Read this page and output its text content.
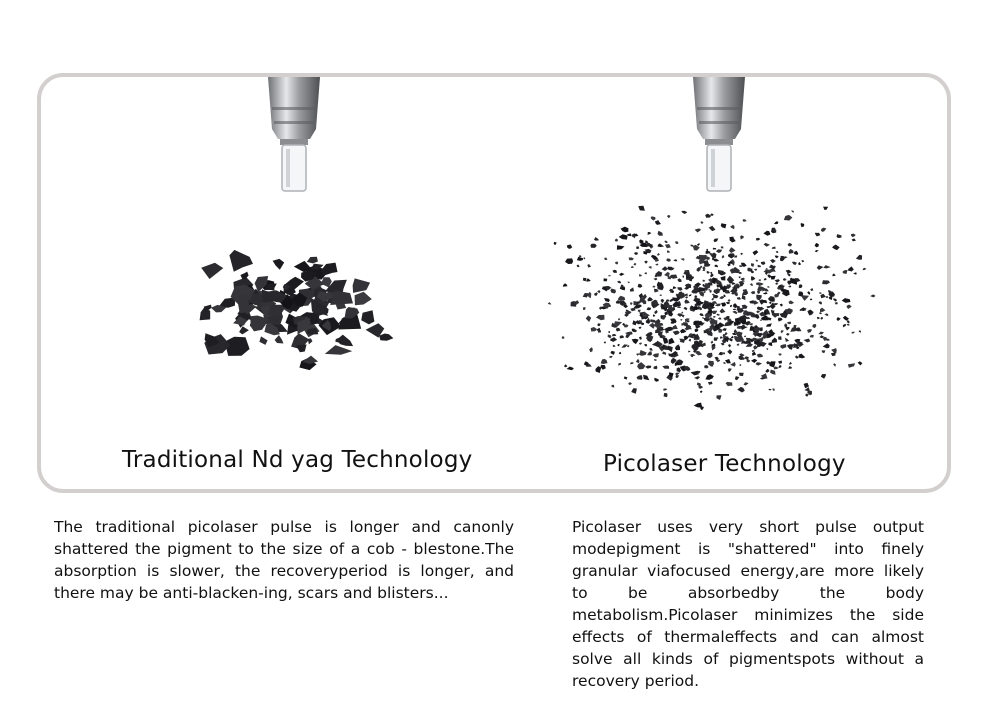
Traditional Nd yag Technology	Picolaser Technology
The traditional picolaser pulse is longer and canonly shattered the pigment to the size of a cob - blestone.The absorption is slower, the recoveryperiod is longer, and there may be anti-blacken-ing, scars and blisters...
Picolaser uses very short pulse output modepigment is "shattered" into finely granular viafocused energy,are more likely to be absorbedby the body metabolism.Picolaser minimizes the side effects of thermaleffects and can almost solve all kinds of pigmentspots without a recovery period.
